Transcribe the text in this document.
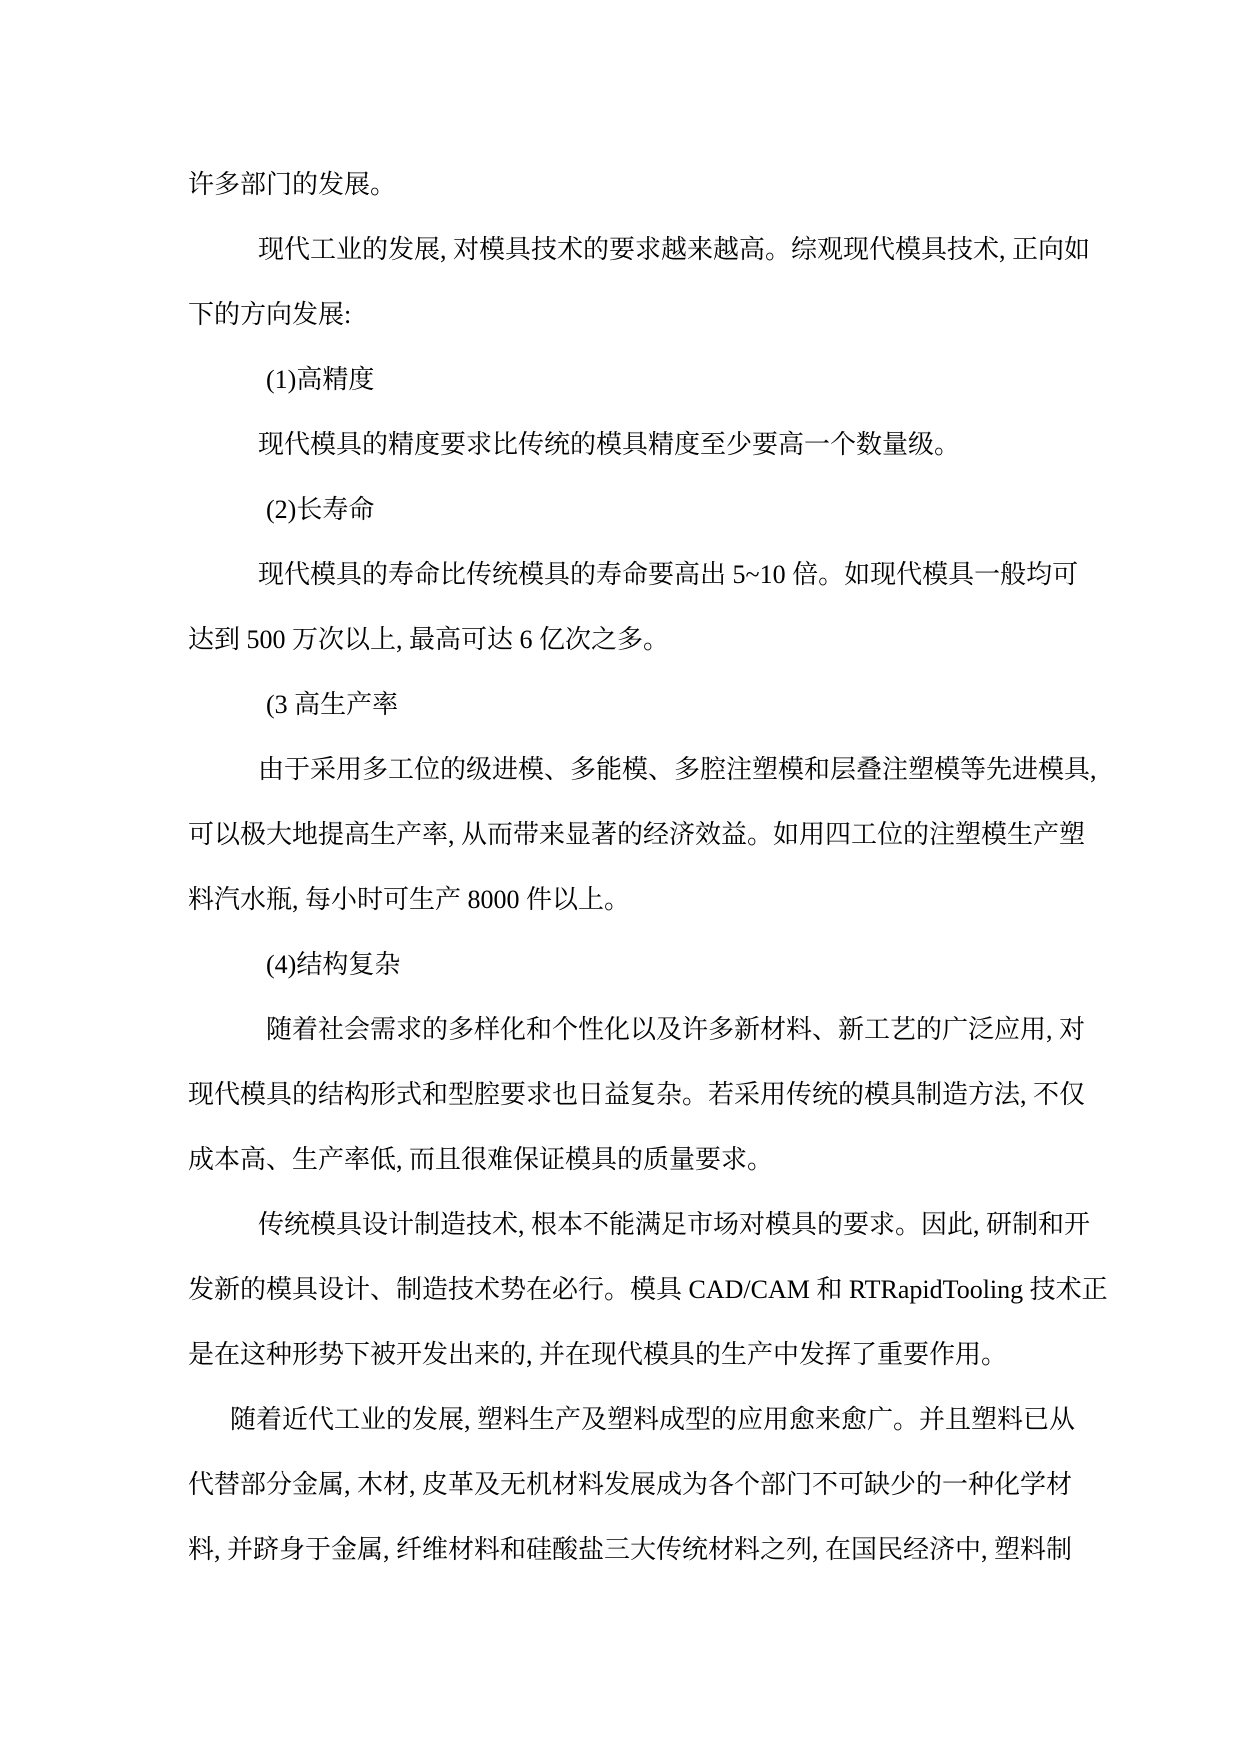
许多部门的发展。
现代工业的发展, 对模具技术的要求越来越高。综观现代模具技术, 正向如
下的方向发展:
(1)高精度
现代模具的精度要求比传统的模具精度至少要高一个数量级。
(2)长寿命
现代模具的寿命比传统模具的寿命要高出 5~10 倍。如现代模具一般均可
达到 500 万次以上, 最高可达 6 亿次之多。
(3 高生产率
由于采用多工位的级进模、多能模、多腔注塑模和层叠注塑模等先进模具,
可以极大地提高生产率, 从而带来显著的经济效益。如用四工位的注塑模生产塑
料汽水瓶, 每小时可生产 8000 件以上。
(4)结构复杂
随着社会需求的多样化和个性化以及许多新材料、新工艺的广泛应用, 对
现代模具的结构形式和型腔要求也日益复杂。若采用传统的模具制造方法, 不仅
成本高、生产率低, 而且很难保证模具的质量要求。
传统模具设计制造技术, 根本不能满足市场对模具的要求。因此, 研制和开
发新的模具设计、制造技术势在必行。模具 CAD/CAM 和 RTRapidTooling 技术正
是在这种形势下被开发出来的, 并在现代模具的生产中发挥了重要作用。
随着近代工业的发展, 塑料生产及塑料成型的应用愈来愈广。并且塑料已从
代替部分金属, 木材, 皮革及无机材料发展成为各个部门不可缺少的一种化学材
料, 并跻身于金属, 纤维材料和硅酸盐三大传统材料之列, 在国民经济中, 塑料制
